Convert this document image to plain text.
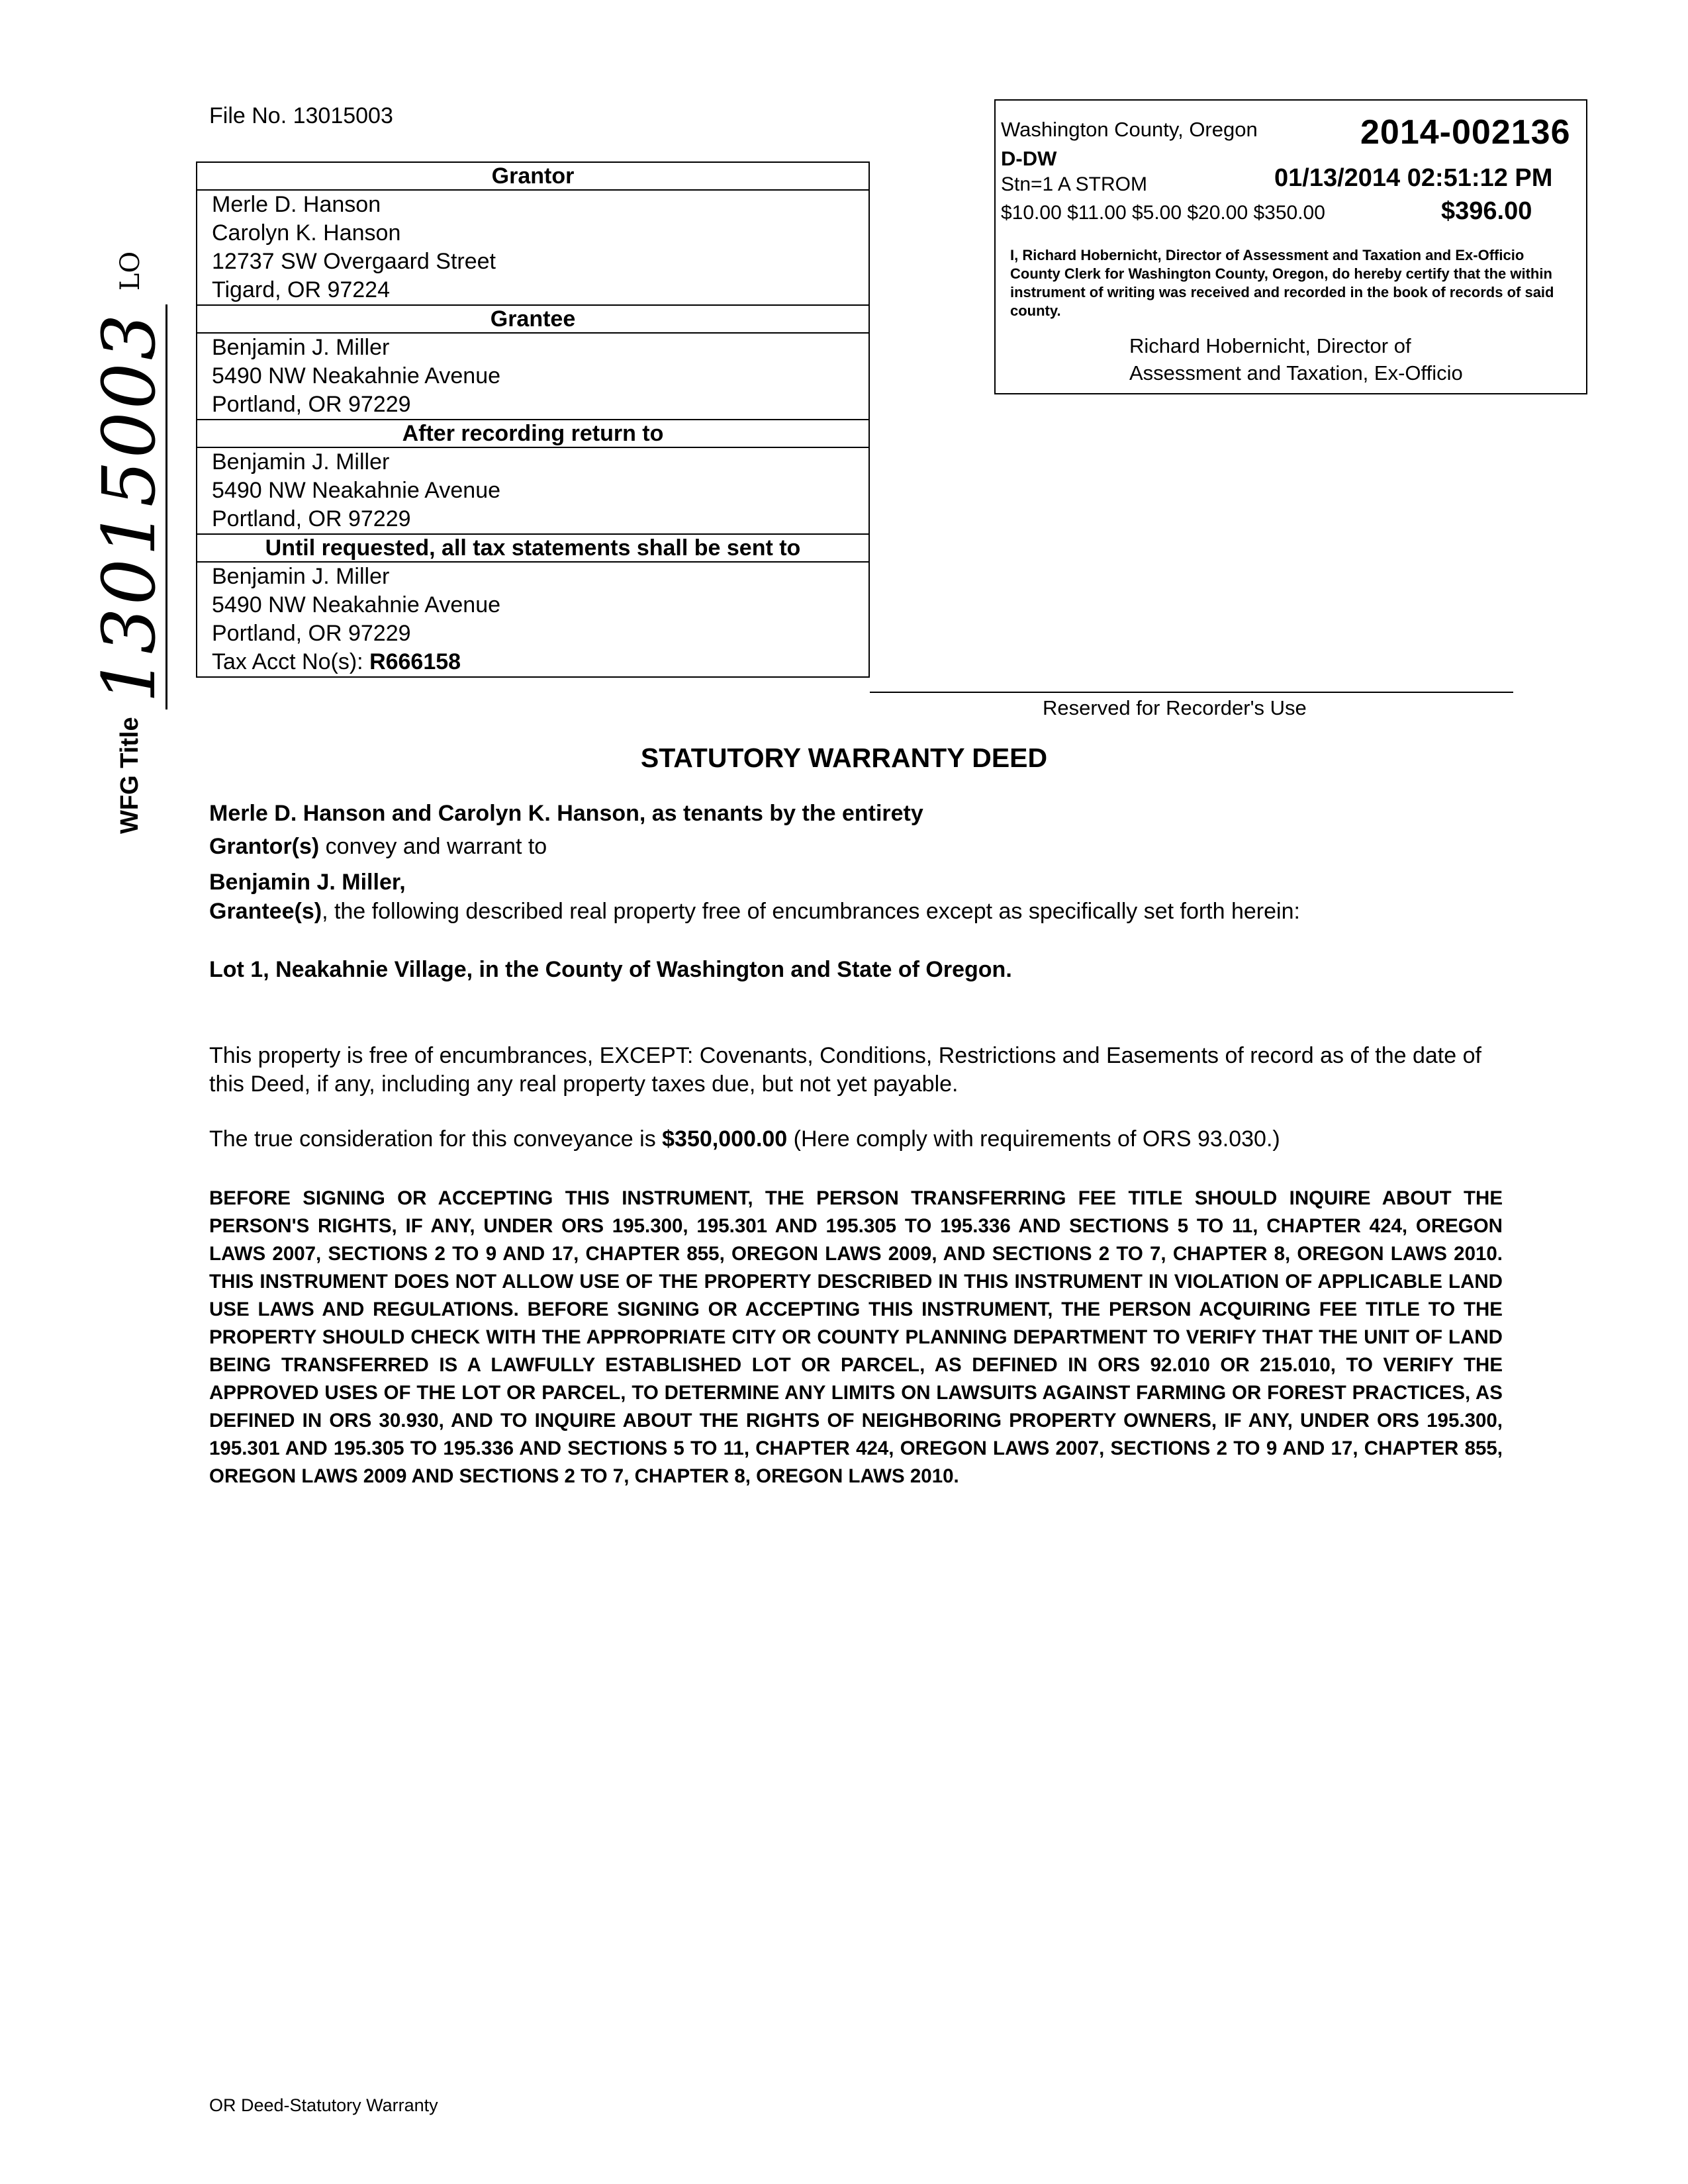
File No. 13015003
Grantor

Merle D. Hanson
Carolyn K. Hanson
12737 SW Overgaard Street
Tigard, OR 97224

Grantee

Benjamin J. Miller
5490 NW Neakahnie Avenue
Portland, OR 97229

After recording return to

Benjamin J. Miller
5490 NW Neakahnie Avenue
Portland, OR 97229

Until requested, all tax statements shall be sent to

Benjamin J. Miller
5490 NW Neakahnie Avenue
Portland, OR 97229
Tax Acct No(s): R666158
Washington County, Oregon	2014-002136
D-DW
Stn=1 A STROM	01/13/2014 02:51:12 PM
$10.00 $11.00 $5.00 $20.00 $350.00	$396.00
I, Richard Hobernicht, Director of Assessment and Taxation and Ex-Officio County Clerk for Washington County, Oregon, do hereby certify that the within instrument of writing was received and recorded in the book of records of said county.
Richard Hobernicht, Director of
Assessment and Taxation, Ex-Officio
Reserved for Recorder's Use
WFG Title 13015003 LO
STATUTORY WARRANTY DEED
Merle D. Hanson and Carolyn K. Hanson, as tenants by the entirety
Grantor(s) convey and warrant to
Benjamin J. Miller,
Grantee(s), the following described real property free of encumbrances except as specifically set forth herein:
Lot 1, Neakahnie Village, in the County of Washington and State of Oregon.
This property is free of encumbrances, EXCEPT: Covenants, Conditions, Restrictions and Easements of record as of the date of this Deed, if any, including any real property taxes due, but not yet payable.
The true consideration for this conveyance is $350,000.00 (Here comply with requirements of ORS 93.030.)
BEFORE SIGNING OR ACCEPTING THIS INSTRUMENT, THE PERSON TRANSFERRING FEE TITLE SHOULD INQUIRE ABOUT THE PERSON'S RIGHTS, IF ANY, UNDER ORS 195.300, 195.301 AND 195.305 TO 195.336 AND SECTIONS 5 TO 11, CHAPTER 424, OREGON LAWS 2007, SECTIONS 2 TO 9 AND 17, CHAPTER 855, OREGON LAWS 2009, AND SECTIONS 2 TO 7, CHAPTER 8, OREGON LAWS 2010. THIS INSTRUMENT DOES NOT ALLOW USE OF THE PROPERTY DESCRIBED IN THIS INSTRUMENT IN VIOLATION OF APPLICABLE LAND USE LAWS AND REGULATIONS. BEFORE SIGNING OR ACCEPTING THIS INSTRUMENT, THE PERSON ACQUIRING FEE TITLE TO THE PROPERTY SHOULD CHECK WITH THE APPROPRIATE CITY OR COUNTY PLANNING DEPARTMENT TO VERIFY THAT THE UNIT OF LAND BEING TRANSFERRED IS A LAWFULLY ESTABLISHED LOT OR PARCEL, AS DEFINED IN ORS 92.010 OR 215.010, TO VERIFY THE APPROVED USES OF THE LOT OR PARCEL, TO DETERMINE ANY LIMITS ON LAWSUITS AGAINST FARMING OR FOREST PRACTICES, AS DEFINED IN ORS 30.930, AND TO INQUIRE ABOUT THE RIGHTS OF NEIGHBORING PROPERTY OWNERS, IF ANY, UNDER ORS 195.300, 195.301 AND 195.305 TO 195.336 AND SECTIONS 5 TO 11, CHAPTER 424, OREGON LAWS 2007, SECTIONS 2 TO 9 AND 17, CHAPTER 855, OREGON LAWS 2009 AND SECTIONS 2 TO 7, CHAPTER 8, OREGON LAWS 2010.
OR Deed-Statutory Warranty
